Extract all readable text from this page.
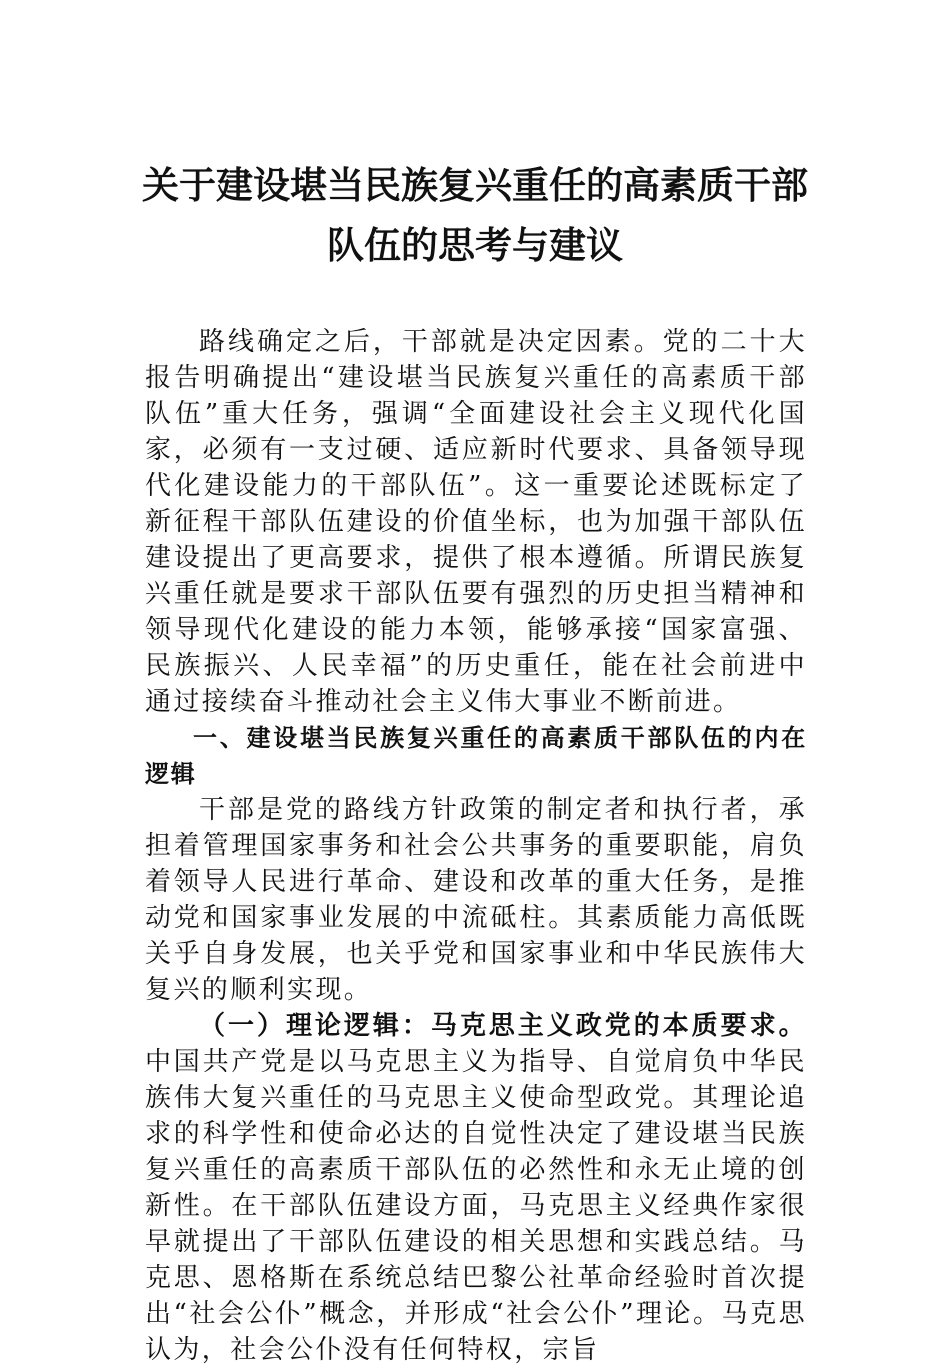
关于建设堪当民族复兴重任的高素质干部
队伍的思考与建议

路线确定之后，干部就是决定因素。党的二十大报告明确提出“建设堪当民族复兴重任的高素质干部队伍”重大任务，强调“全面建设社会主义现代化国家，必须有一支过硬、适应新时代要求、具备领导现代化建设能力的干部队伍”。这一重要论述既标定了新征程干部队伍建设的价值坐标，也为加强干部队伍建设提出了更高要求，提供了根本遵循。所谓民族复兴重任就是要求干部队伍要有强烈的历史担当精神和领导现代化建设的能力本领，能够承接“国家富强、民族振兴、人民幸福”的历史重任，能在社会前进中通过接续奋斗推动社会主义伟大事业不断前进。

一、建设堪当民族复兴重任的高素质干部队伍的内在逻辑

干部是党的路线方针政策的制定者和执行者，承担着管理国家事务和社会公共事务的重要职能，肩负着领导人民进行革命、建设和改革的重大任务，是推动党和国家事业发展的中流砥柱。其素质能力高低既关乎自身发展，也关乎党和国家事业和中华民族伟大复兴的顺利实现。

（一）理论逻辑：马克思主义政党的本质要求。中国共产党是以马克思主义为指导、自觉肩负中华民族伟大复兴重任的马克思主义使命型政党。其理论追求的科学性和使命必达的自觉性决定了建设堪当民族复兴重任的高素质干部队伍的必然性和永无止境的创新性。在干部队伍建设方面，马克思主义经典作家很早就提出了干部队伍建设的相关思想和实践总结。马克思、恩格斯在系统总结巴黎公社革命经验时首次提出“社会公仆”概念，并形成“社会公仆”理论。马克思认为，社会公仆没有任何特权，宗旨
